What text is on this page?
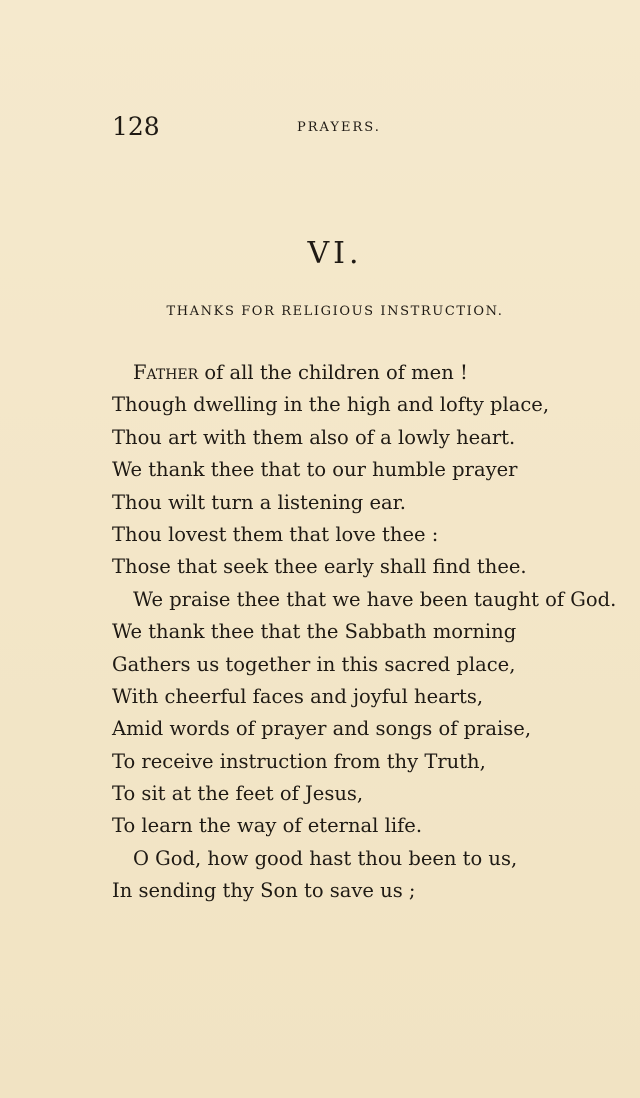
128	PRAYERS.
VI.
THANKS FOR RELIGIOUS INSTRUCTION.
Father of all the children of men !
Though dwelling in the high and lofty place,
Thou art with them also of a lowly heart.
We thank thee that to our humble prayer
Thou wilt turn a listening ear.
Thou lovest them that love thee :
Those that seek thee early shall find thee.
We praise thee that we have been taught of God.
We thank thee that the Sabbath morning
Gathers us together in this sacred place,
With cheerful faces and joyful hearts,
Amid words of prayer and songs of praise,
To receive instruction from thy Truth,
To sit at the feet of Jesus,
To learn the way of eternal life.
O God, how good hast thou been to us,
In sending thy Son to save us ;
